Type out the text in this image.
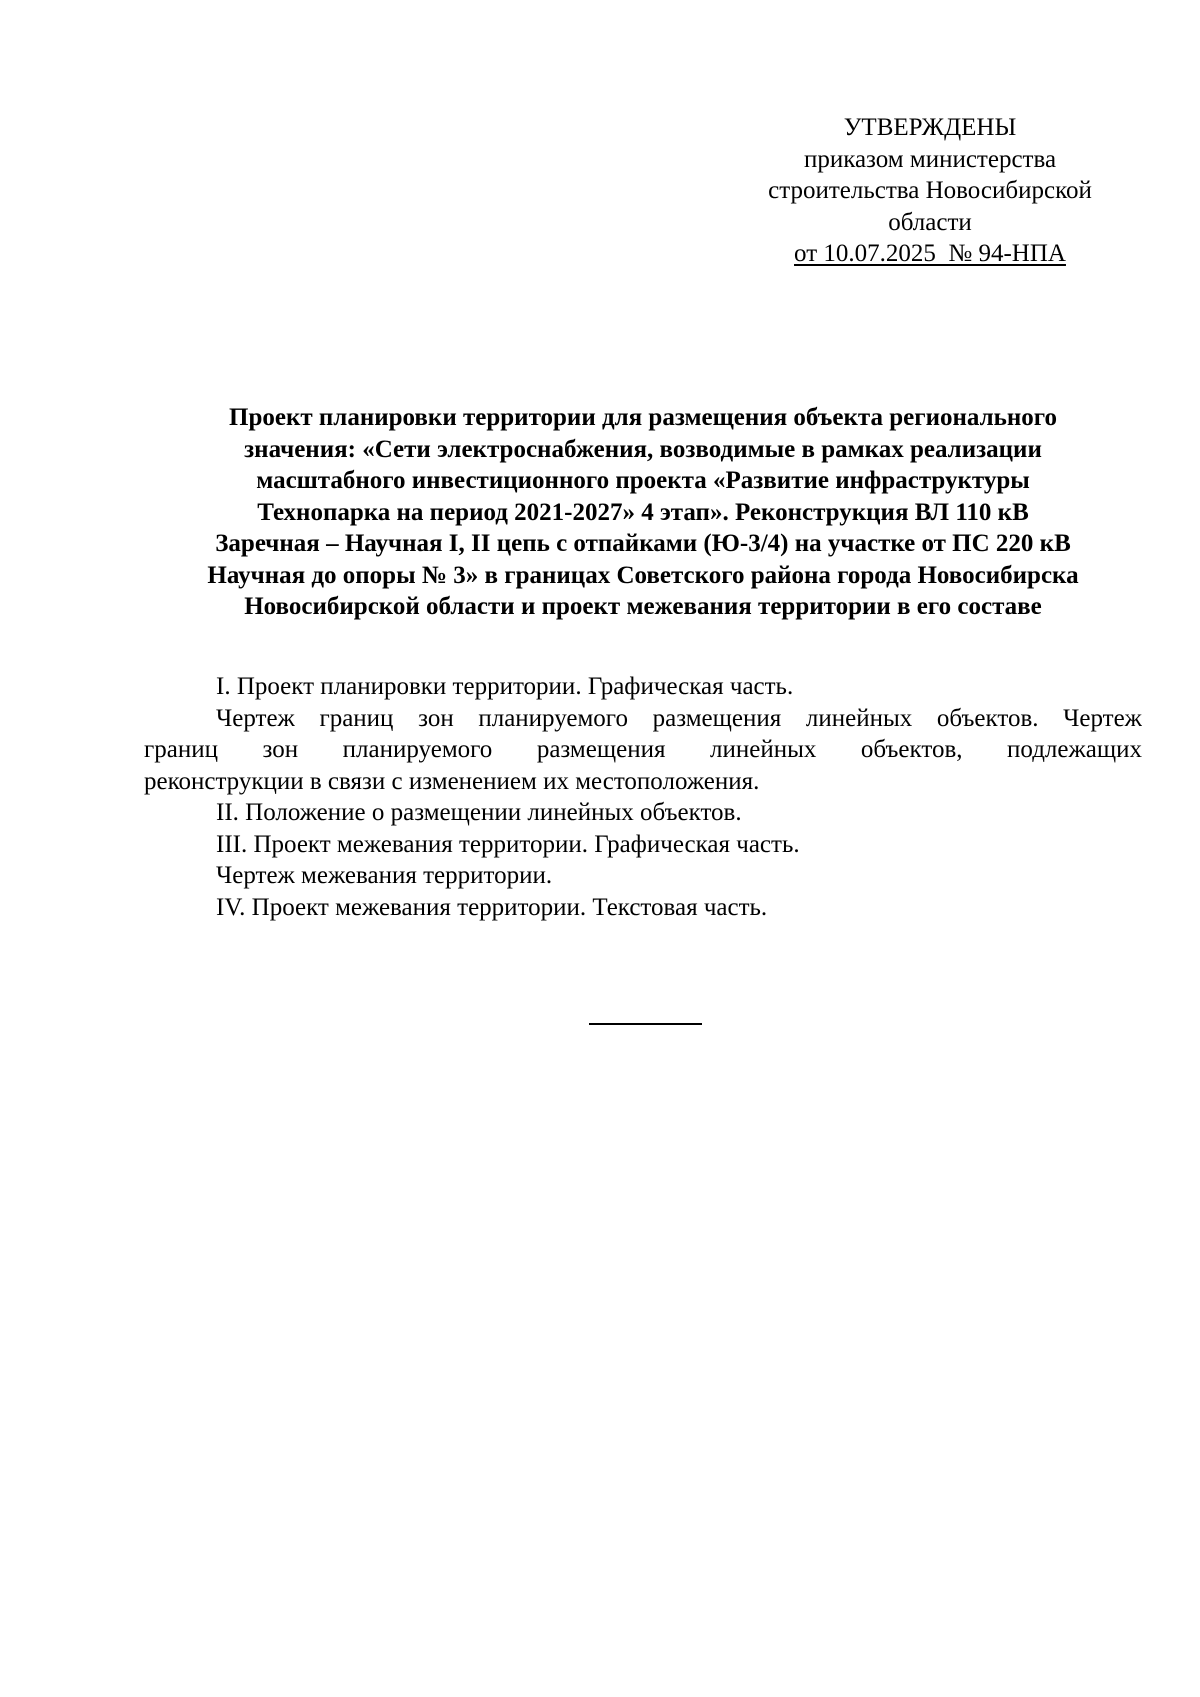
УТВЕРЖДЕНЫ
приказом министерства
строительства Новосибирской
области
от 10.07.2025  № 94-НПА
Проект планировки территории для размещения объекта регионального
значения: «Сети электроснабжения, возводимые в рамках реализации
масштабного инвестиционного проекта «Развитие инфраструктуры
Технопарка на период 2021-2027» 4 этап». Реконструкция ВЛ 110 кВ
Заречная – Научная I, II цепь с отпайками (Ю-3/4) на участке от ПС 220 кВ
Научная до опоры № 3» в границах Советского района города Новосибирска
Новосибирской области и проект межевания территории в его составе
I. Проект планировки территории. Графическая часть.
Чертеж границ зон планируемого размещения линейных объектов. Чертеж
границ зон планируемого размещения линейных объектов, подлежащих
реконструкции в связи с изменением их местоположения.
II. Положение о размещении линейных объектов.
III. Проект межевания территории. Графическая часть.
Чертеж межевания территории.
IV. Проект межевания территории. Текстовая часть.
